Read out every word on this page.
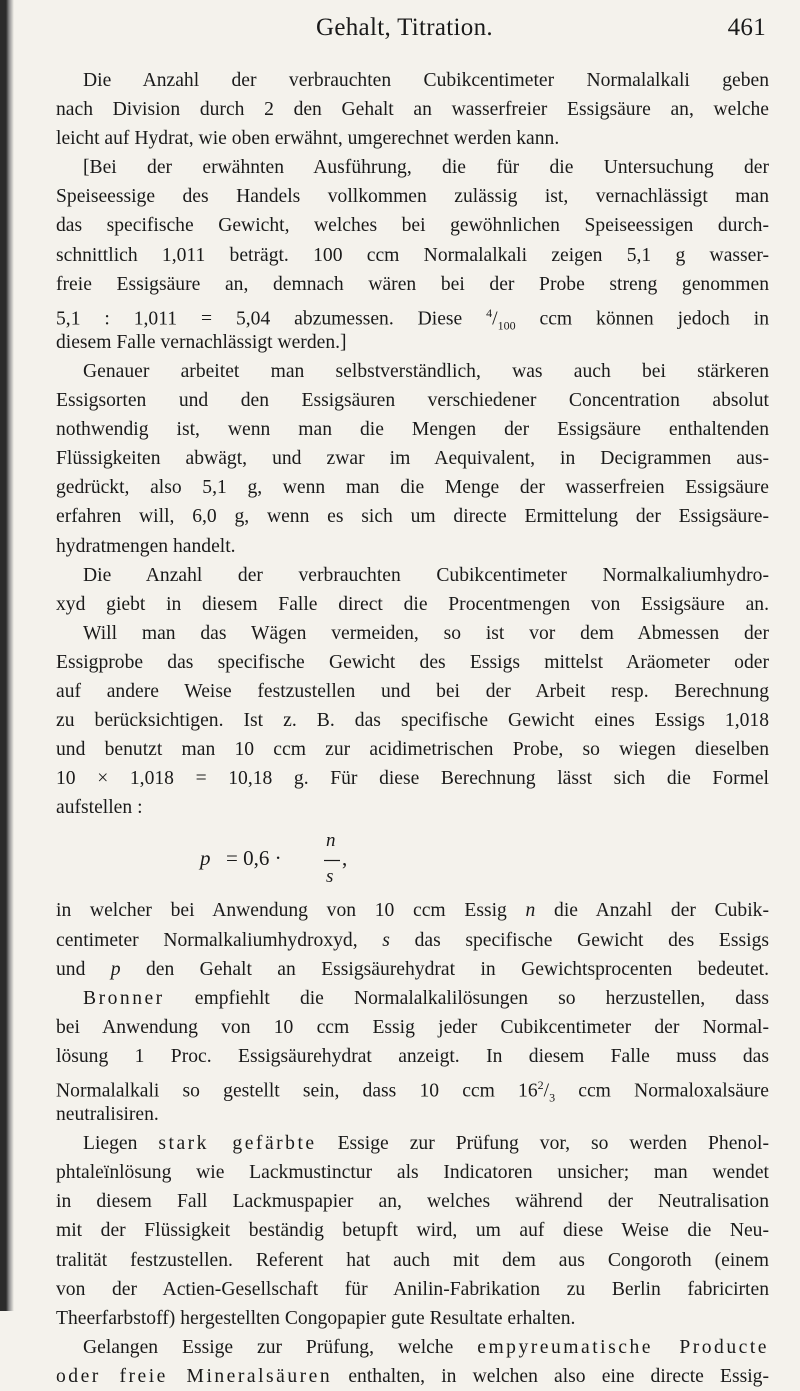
Gehalt, Titration.	461
Die Anzahl der verbrauchten Cubikcentimeter Normalalkali geben
nach Division durch 2 den Gehalt an wasserfreier Essigsäure an, welche
leicht auf Hydrat, wie oben erwähnt, umgerechnet werden kann.
[Bei der erwähnten Ausführung, die für die Untersuchung der
Speiseessige des Handels vollkommen zulässig ist, vernachlässigt man
das specifische Gewicht, welches bei gewöhnlichen Speiseessigen durch-
schnittlich 1,011 beträgt. 100 ccm Normalalkali zeigen 5,1 g wasser-
freie Essigsäure an, demnach wären bei der Probe streng genommen
5,1 : 1,011 = 5,04 abzumessen. Diese $^4/_{100}$ ccm können jedoch in
diesem Falle vernachlässigt werden.]
Genauer arbeitet man selbstverständlich, was auch bei stärkeren
Essigsorten und den Essigsäuren verschiedener Concentration absolut
nothwendig ist, wenn man die Mengen der Essigsäure enthaltenden
Flüssigkeiten abwägt, und zwar im Aequivalent, in Decigrammen aus-
gedrückt, also 5,1 g, wenn man die Menge der wasserfreien Essigsäure
erfahren will, 6,0 g, wenn es sich um directe Ermittelung der Essigsäure-
hydratmengen handelt.
Die Anzahl der verbrauchten Cubikcentimeter Normalkaliumhydro-
xyd giebt in diesem Falle direct die Procentmengen von Essigsäure an.
Will man das Wägen vermeiden, so ist vor dem Abmessen der
Essigprobe das specifische Gewicht des Essigs mittelst Aräometer oder
auf andere Weise festzustellen und bei der Arbeit resp. Berechnung
zu berücksichtigen. Ist z. B. das specifische Gewicht eines Essigs 1,018
und benutzt man 10 ccm zur acidimetrischen Probe, so wiegen dieselben
10 × 1,018 = 10,18 g. Für diese Berechnung lässt sich die Formel
aufstellen :
p = 0,6 ·
n
s
,
in welcher bei Anwendung von 10 ccm Essig n die Anzahl der Cubik-
centimeter Normalkaliumhydroxyd, s das specifische Gewicht des Essigs
und p den Gehalt an Essigsäurehydrat in Gewichtsprocenten bedeutet.
Bronner empfiehlt die Normalalkalilösungen so herzustellen, dass
bei Anwendung von 10 ccm Essig jeder Cubikcentimeter der Normal-
lösung 1 Proc. Essigsäurehydrat anzeigt. In diesem Falle muss das
Normalalkali so gestellt sein, dass 10 ccm $16^2/_3$ ccm Normaloxalsäure
neutralisiren.
Liegen stark gefärbte Essige zur Prüfung vor, so werden Phenol-
phtaleïnlösung wie Lackmustinctur als Indicatoren unsicher; man wendet
in diesem Fall Lackmuspapier an, welches während der Neutralisation
mit der Flüssigkeit beständig betupft wird, um auf diese Weise die Neu-
tralität festzustellen. Referent hat auch mit dem aus Congoroth (einem
von der Actien-Gesellschaft für Anilin-Fabrikation zu Berlin fabricirten
Theerfarbstoff) hergestellten Congopapier gute Resultate erhalten.
Gelangen Essige zur Prüfung, welche empyreumatische Producte
oder freie Mineralsäuren enthalten, in welchen also eine directe Essig-
